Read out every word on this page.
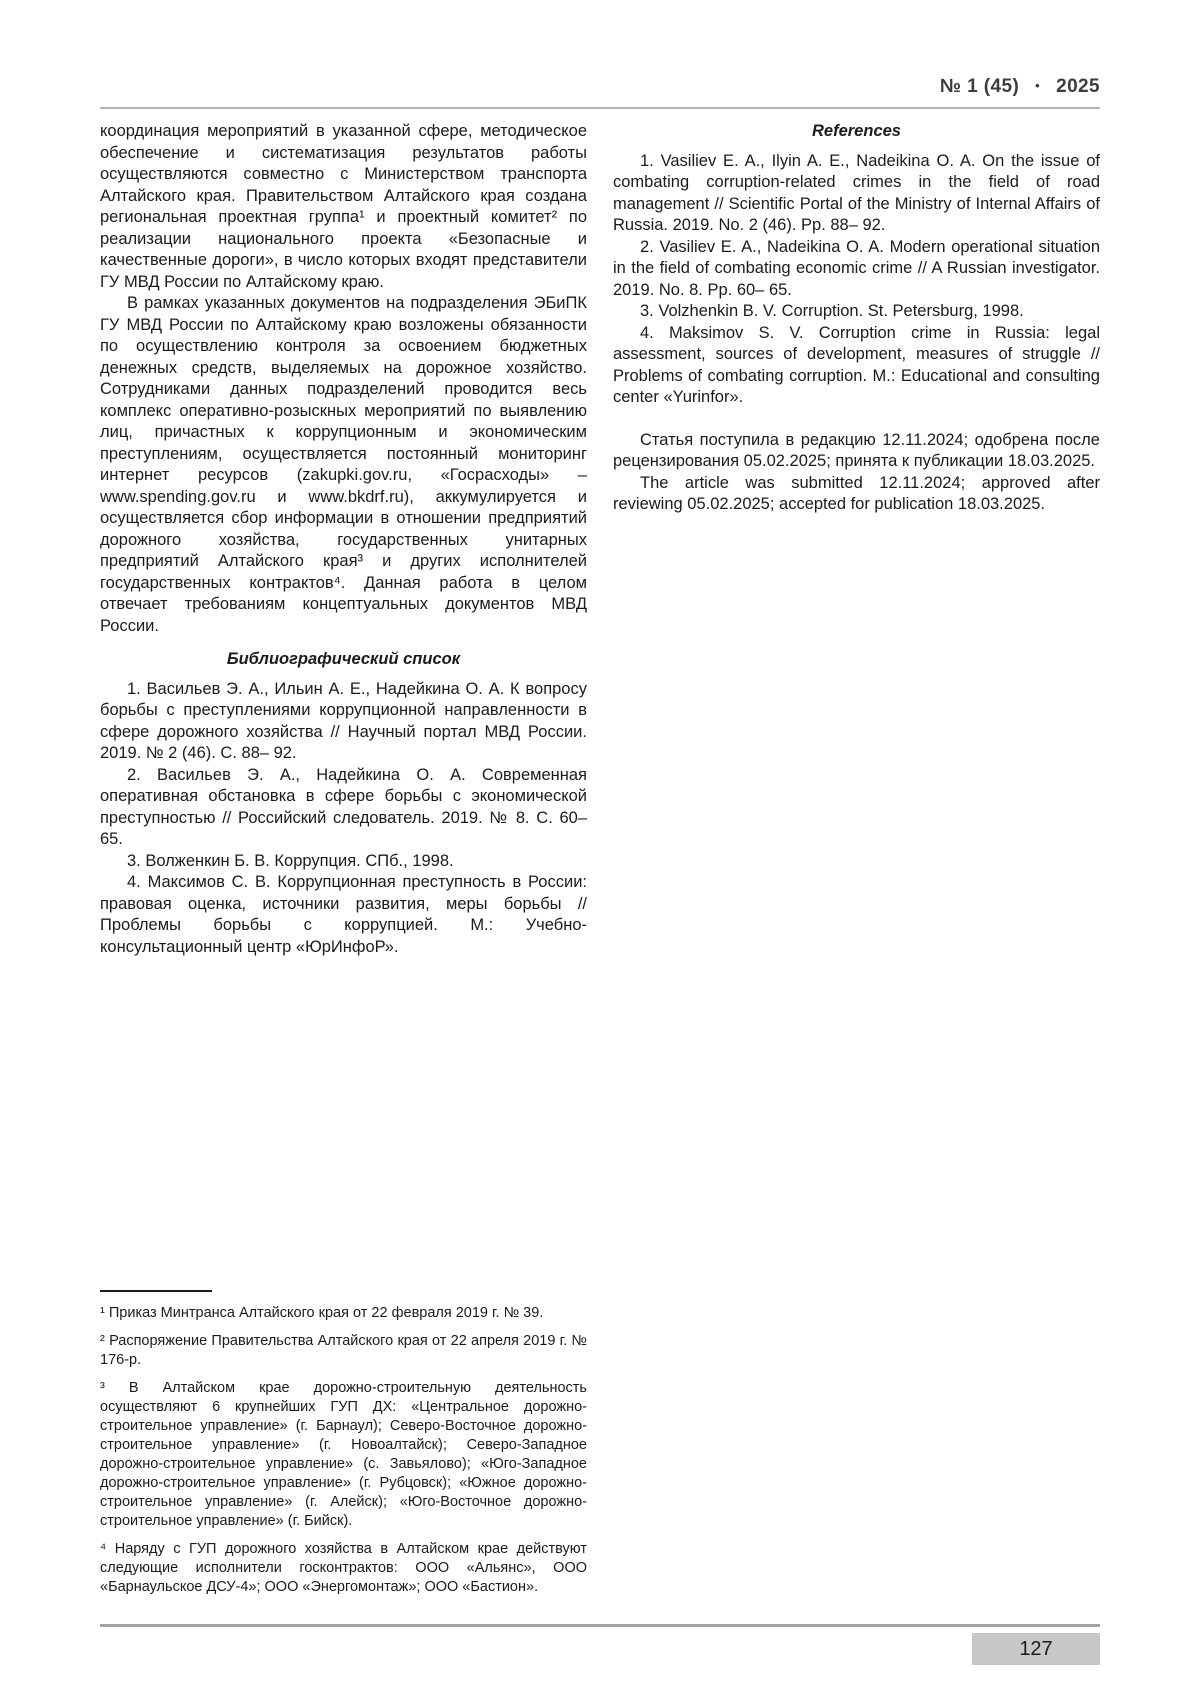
№ 1 (45) • 2025

координация мероприятий в указанной сфере, методическое обеспечение и систематизация результатов работы осуществляются совместно с Министерством транспорта Алтайского края. Правительством Алтайского края создана региональная проектная группа¹ и проектный комитет² по реализации национального проекта «Безопасные и качественные дороги», в число которых входят представители ГУ МВД России по Алтайскому краю.

В рамках указанных документов на подразделения ЭБиПК ГУ МВД России по Алтайскому краю возложены обязанности по осуществлению контроля за освоением бюджетных денежных средств, выделяемых на дорожное хозяйство. Сотрудниками данных подразделений проводится весь комплекс оперативно-розыскных мероприятий по выявлению лиц, причастных к коррупционным и экономическим преступлениям, осуществляется постоянный мониторинг интернет ресурсов (zakupki.gov.ru, «Госрасходы» – www.spending.gov.ru и www.bkdrf.ru), аккумулируется и осуществляется сбор информации в отношении предприятий дорожного хозяйства, государственных унитарных предприятий Алтайского края³ и других исполнителей государственных контрактов⁴. Данная работа в целом отвечает требованиям концептуальных документов МВД России.

Библиографический список

1. Васильев Э. А., Ильин А. Е., Надейкина О. А. К вопросу борьбы с преступлениями коррупционной направленности в сфере дорожного хозяйства // Научный портал МВД России. 2019. № 2 (46). С. 88– 92.

2. Васильев Э. А., Надейкина О. А. Современная оперативная обстановка в сфере борьбы с экономической преступностью // Российский следователь. 2019. № 8. С. 60– 65.

3. Волженкин Б. В. Коррупция. СПб., 1998.

4. Максимов С. В. Коррупционная преступность в России: правовая оценка, источники развития, меры борьбы // Проблемы борьбы с коррупцией. М.: Учебно-консультационный центр «ЮрИнфоР».

¹ Приказ Минтранса Алтайского края от 22 февраля 2019 г. № 39.

² Распоряжение Правительства Алтайского края от 22 апреля 2019 г. № 176-р.

³ В Алтайском крае дорожно-строительную деятельность осуществляют 6 крупнейших ГУП ДХ: «Центральное дорожно-строительное управление» (г. Барнаул); Северо-Восточное дорожно-строительное управление» (г. Новоалтайск); Северо-Западное дорожно-строительное управление» (с. Завьялово); «Юго-Западное дорожно-строительное управление» (г. Рубцовск); «Южное дорожно-строительное управление» (г. Алейск); «Юго-Восточное дорожно-строительное управление» (г. Бийск).

⁴ Наряду с ГУП дорожного хозяйства в Алтайском крае действуют следующие исполнители госконтрактов: ООО «Альянс», ООО «Барнаульское ДСУ-4»; ООО «Энергомонтаж»; ООО «Бастион».

References

1. Vasiliev E. A., Ilyin A. E., Nadeikina O. A. On the issue of combating corruption-related crimes in the field of road management // Scientific Portal of the Ministry of Internal Affairs of Russia. 2019. No. 2 (46). Pp. 88– 92.

2. Vasiliev E. A., Nadeikina O. A. Modern operational situation in the field of combating economic crime // A Russian investigator. 2019. No. 8. Pp. 60– 65.

3. Volzhenkin B. V. Corruption. St. Petersburg, 1998.

4. Maksimov S. V. Corruption crime in Russia: legal assessment, sources of development, measures of struggle // Problems of combating corruption. M.: Educational and consulting center «Yurinfor».

Статья поступила в редакцию 12.11.2024; одобрена после рецензирования 05.02.2025; принята к публикации 18.03.2025.

The article was submitted 12.11.2024; approved after reviewing 05.02.2025; accepted for publication 18.03.2025.

127
